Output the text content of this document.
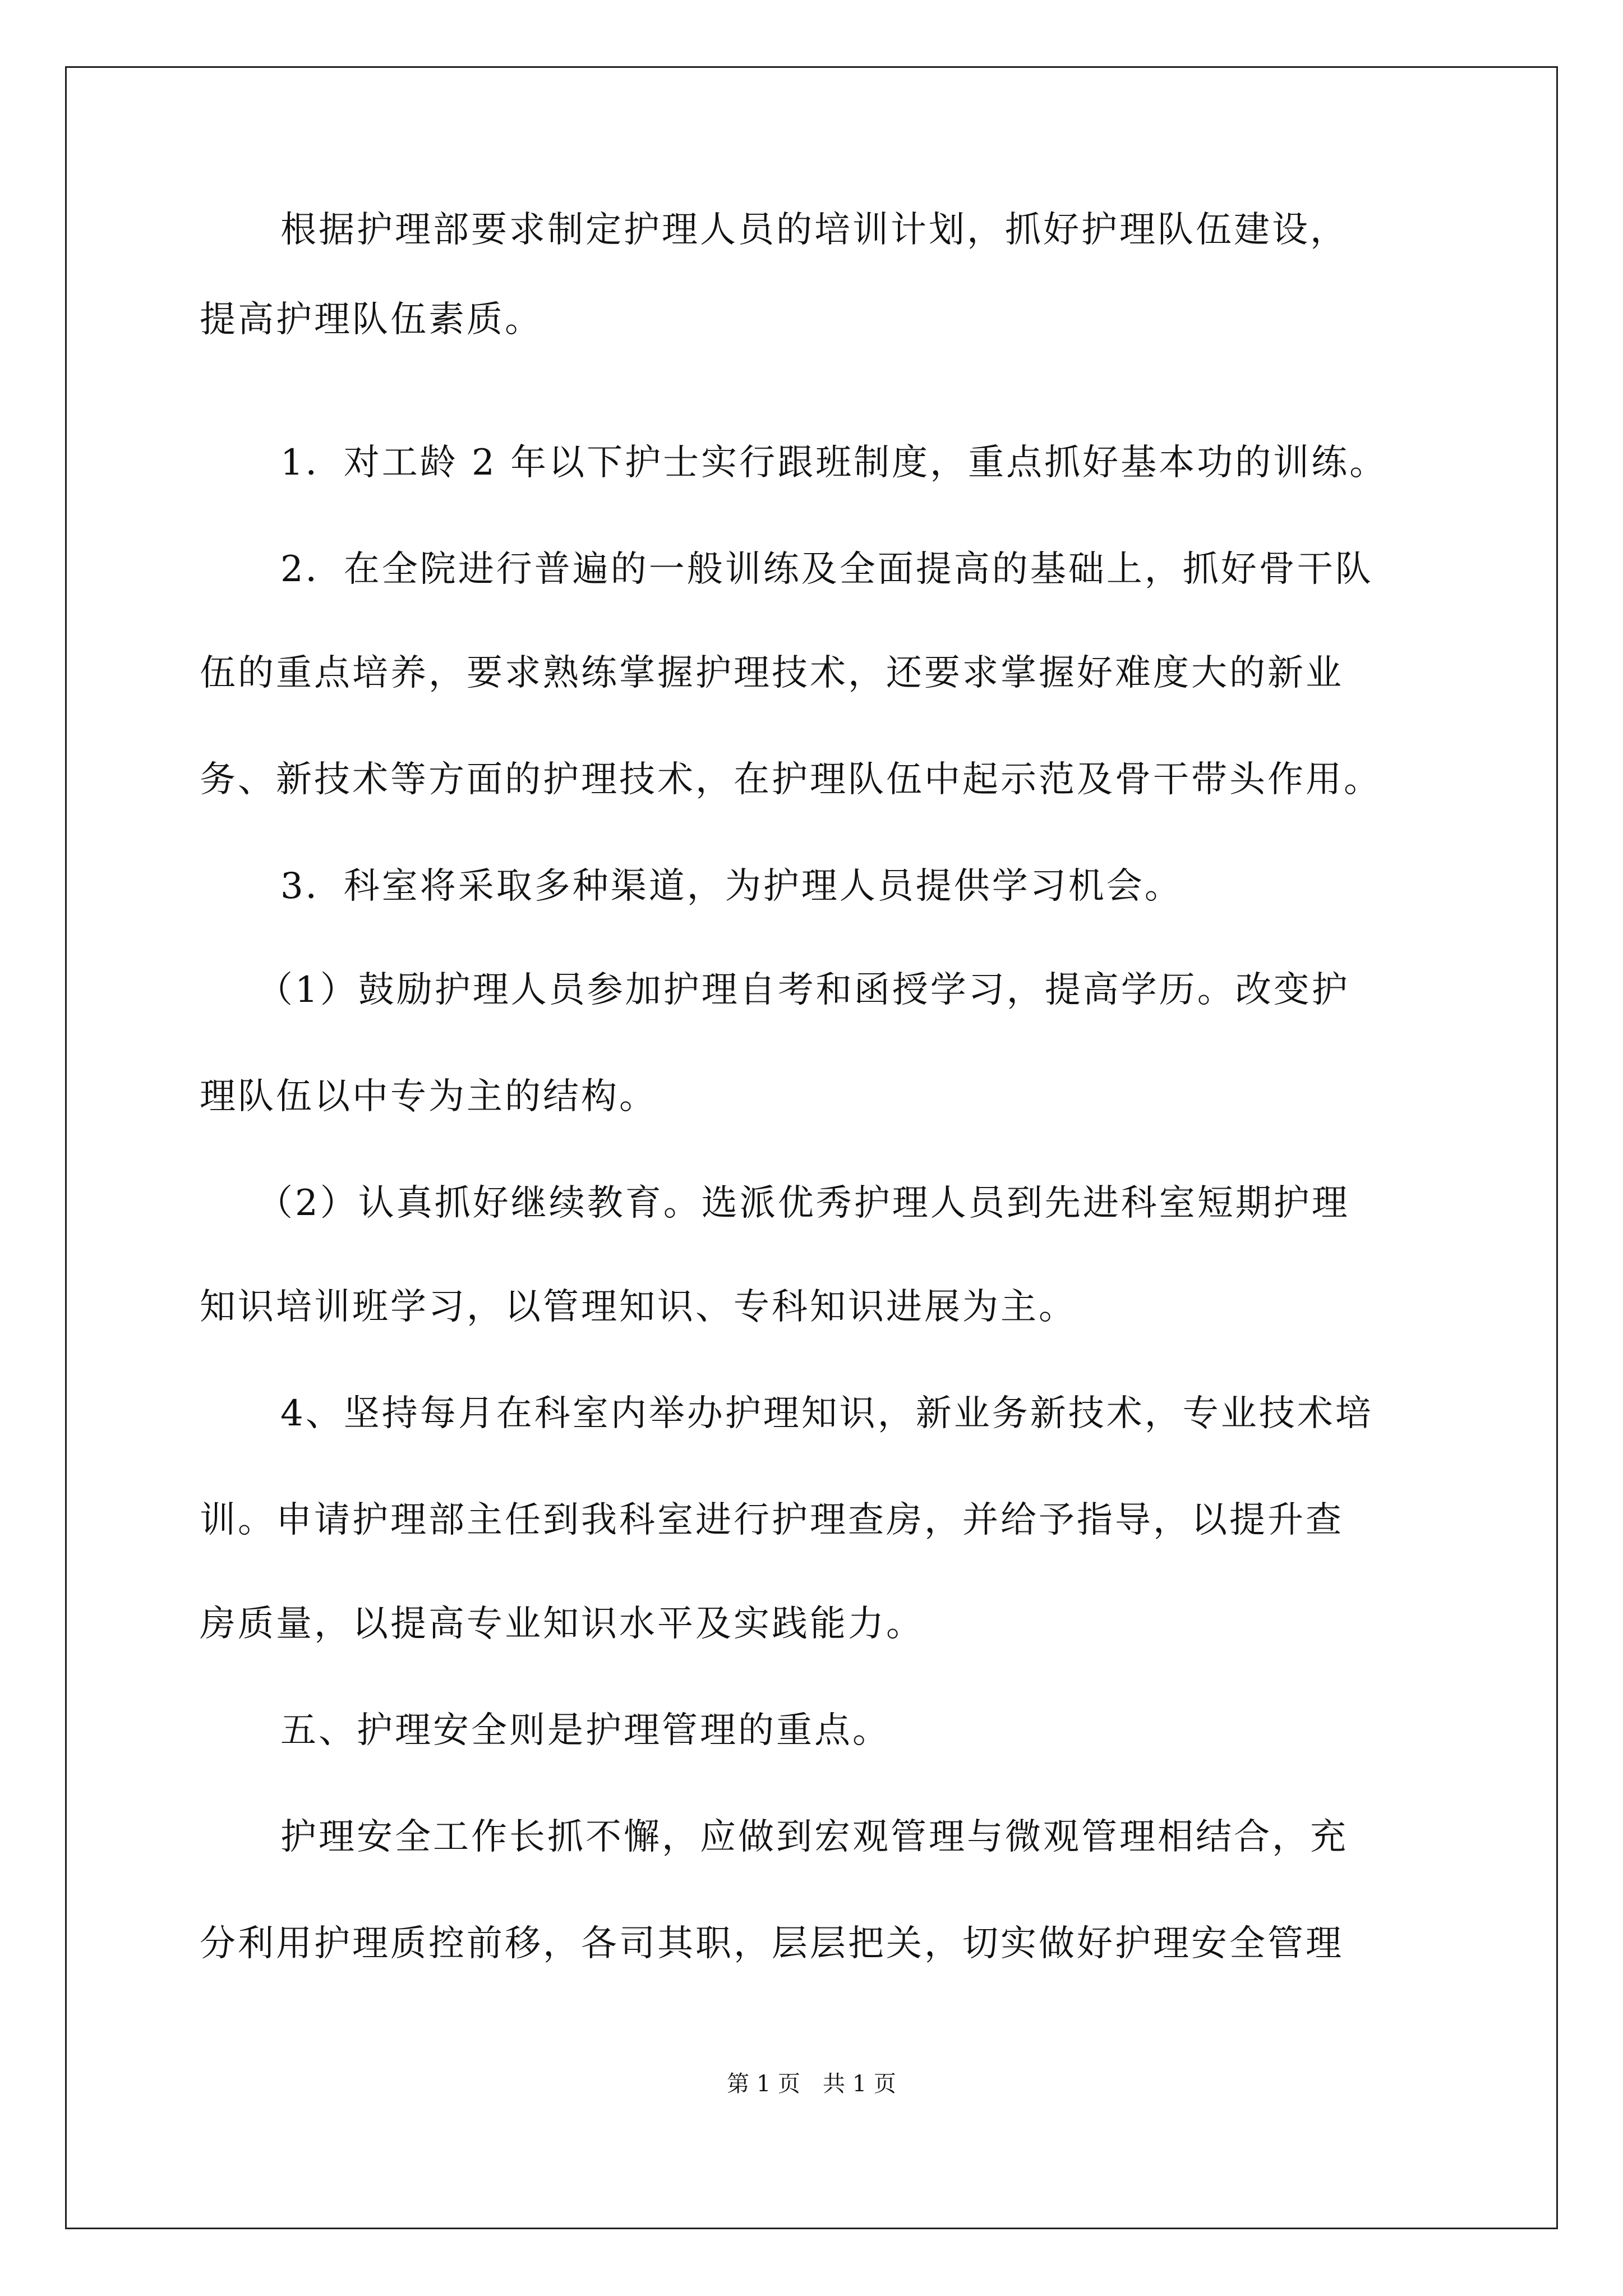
根据护理部要求制定护理人员的培训计划，抓好护理队伍建设，
提高护理队伍素质。
1．对工龄 2 年以下护士实行跟班制度，重点抓好基本功的训练。
2．在全院进行普遍的一般训练及全面提高的基础上，抓好骨干队
伍的重点培养，要求熟练掌握护理技术，还要求掌握好难度大的新业
务、新技术等方面的护理技术，在护理队伍中起示范及骨干带头作用。
3．科室将采取多种渠道，为护理人员提供学习机会。
（1）鼓励护理人员参加护理自考和函授学习，提高学历。改变护
理队伍以中专为主的结构。
（2）认真抓好继续教育。选派优秀护理人员到先进科室短期护理
知识培训班学习，以管理知识、专科知识进展为主。
4、坚持每月在科室内举办护理知识，新业务新技术，专业技术培
训。申请护理部主任到我科室进行护理查房，并给予指导，以提升查
房质量，以提高专业知识水平及实践能力。
五、护理安全则是护理管理的重点。
护理安全工作长抓不懈，应做到宏观管理与微观管理相结合，充
分利用护理质控前移，各司其职，层层把关，切实做好护理安全管理
第 1 页　共 1 页
